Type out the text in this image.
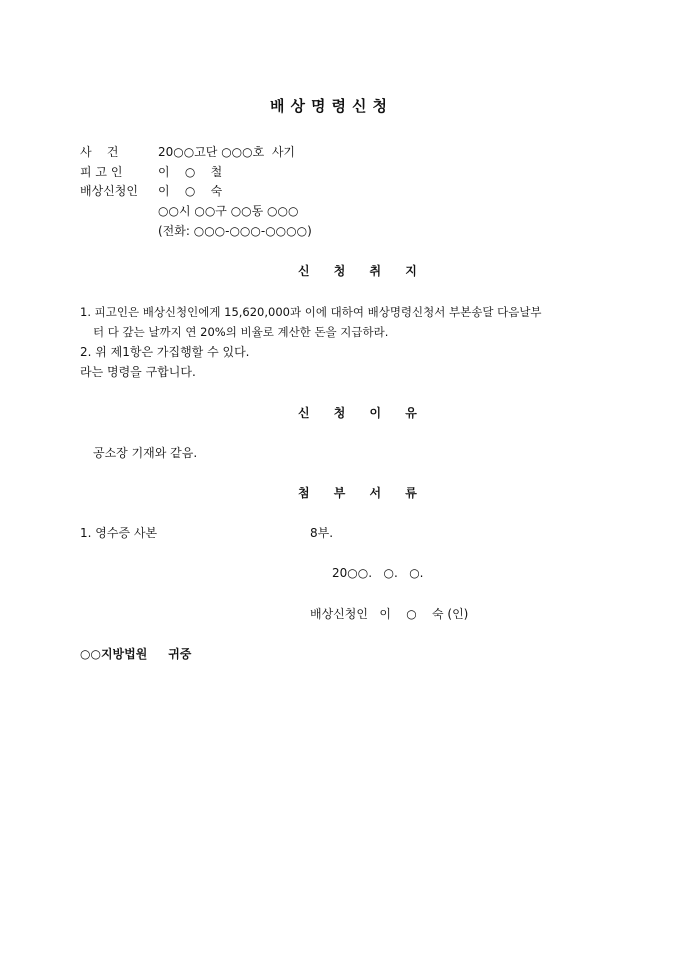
배상명령신청
사    건	20○○고단 ○○○호  사기
피 고 인	이    ○    철
배상신청인 이    ○    숙
○○시 ○○구 ○○동 ○○○
(전화: ○○○-○○○-○○○○)
신 청 취 지
1. 피고인은 배상신청인에게 15,620,000과 이에 대하여 배상명령신청서 부본송달 다음날부
터 다 갚는 날까지 연 20%의 비율로 계산한 돈을 지급하라.
2. 위 제1항은 가집행할 수 있다.
라는 명령을 구합니다.
신 청 이 유
공소장 기재와 같음.
첨 부 서 류
1. 영수증 사본	8부.
20○○.   ○.   ○.
배상신청인   이    ○    숙 (인)
○○지방법원     귀중
